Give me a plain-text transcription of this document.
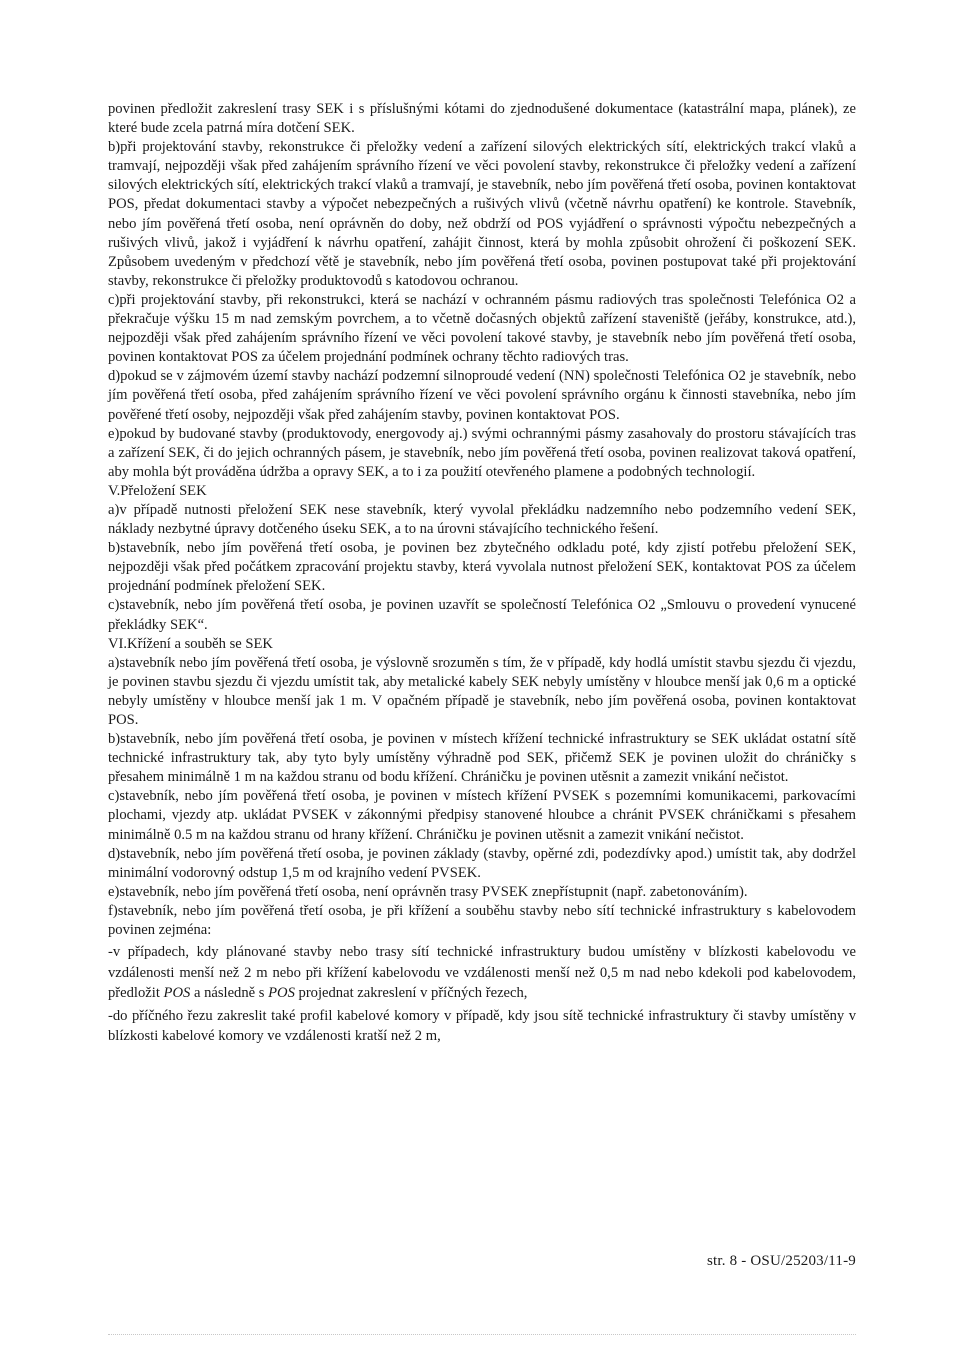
povinen předložit zakreslení trasy SEK i s příslušnými kótami do zjednodušené dokumentace (katastrální mapa, plánek), ze které bude zcela patrná míra dotčení SEK.

b)při projektování stavby, rekonstrukce či přeložky vedení a zařízení silových elektrických sítí, elektrických trakcí vlaků a tramvají, nejpozději však před zahájením správního řízení ve věci povolení stavby, rekonstrukce či přeložky vedení a zařízení silových elektrických sítí, elektrických trakcí vlaků a tramvají, je stavebník, nebo jím pověřená třetí osoba, povinen kontaktovat POS, předat dokumentaci stavby a výpočet nebezpečných a rušivých vlivů (včetně návrhu opatření) ke kontrole. Stavebník, nebo jím pověřená třetí osoba, není oprávněn do doby, než obdrží od POS vyjádření o správnosti výpočtu nebezpečných a rušivých vlivů, jakož i vyjádření k návrhu opatření, zahájit činnost, která by mohla způsobit ohrožení či poškození SEK. Způsobem uvedeným v předchozí větě je stavebník, nebo jím pověřená třetí osoba, povinen postupovat také při projektování stavby, rekonstrukce či přeložky produktovodů s katodovou ochranou.

c)při projektování stavby, při rekonstrukci, která se nachází v ochranném pásmu radiových tras společnosti Telefónica O2 a překračuje výšku 15 m nad zemským povrchem, a to včetně dočasných objektů zařízení staveniště (jeřáby, konstrukce, atd.), nejpozději však před zahájením správního řízení ve věci povolení takové stavby, je stavebník nebo jím pověřená třetí osoba, povinen kontaktovat POS za účelem projednání podmínek ochrany těchto radiových tras.

d)pokud se v zájmovém území stavby nachází podzemní silnoproudé vedení (NN) společnosti Telefónica O2 je stavebník, nebo jím pověřená třetí osoba, před zahájením správního řízení ve věci povolení správního orgánu k činnosti stavebníka, nebo jím pověřené třetí osoby, nejpozději však před zahájením stavby, povinen kontaktovat POS.

e)pokud by budované stavby (produktovody, energovody aj.) svými ochrannými pásmy zasahovaly do prostoru stávajících tras a zařízení SEK, či do jejich ochranných pásem, je stavebník, nebo jím pověřená třetí osoba, povinen realizovat taková opatření, aby mohla být prováděna údržba a opravy SEK, a to i za použití otevřeného plamene a podobných technologií.

V.Přeložení SEK

a)v případě nutnosti přeložení SEK nese stavebník, který vyvolal překládku nadzemního nebo podzemního vedení SEK, náklady nezbytné úpravy dotčeného úseku SEK, a to na úrovni stávajícího technického řešení.

b)stavebník, nebo jím pověřená třetí osoba, je povinen bez zbytečného odkladu poté, kdy zjistí potřebu přeložení SEK, nejpozději však před počátkem zpracování projektu stavby, která vyvolala nutnost přeložení SEK, kontaktovat POS za účelem projednání podmínek přeložení SEK.

c)stavebník, nebo jím pověřená třetí osoba, je povinen uzavřít se společností Telefónica O2 „Smlouvu o provedení vynucené překládky SEK“.

VI.Křížení a souběh se SEK

a)stavebník nebo jím pověřená třetí osoba, je výslovně srozuměn s tím, že v případě, kdy hodlá umístit stavbu sjezdu či vjezdu, je povinen stavbu sjezdu či vjezdu umístit tak, aby metalické kabely SEK nebyly umístěny v hloubce menší jak 0,6 m a optické nebyly umístěny v hloubce menší jak 1 m. V opačném případě je stavebník, nebo jím pověřená osoba, povinen kontaktovat POS.

b)stavebník, nebo jím pověřená třetí osoba, je povinen v místech křížení technické infrastruktury se SEK ukládat ostatní sítě technické infrastruktury tak, aby tyto byly umístěny výhradně pod SEK, přičemž SEK je povinen uložit do chráničky s přesahem minimálně 1 m na každou stranu od bodu křížení. Chráničku je povinen utěsnit a zamezit vnikání nečistot.

c)stavebník, nebo jím pověřená třetí osoba, je povinen v místech křížení PVSEK s pozemními komunikacemi, parkovacími plochami, vjezdy atp. ukládat PVSEK v zákonnými předpisy stanovené hloubce a chránit PVSEK chráničkami s přesahem minimálně 0.5 m na každou stranu od hrany křížení. Chráničku je povinen utěsnit a zamezit vnikání nečistot.

d)stavebník, nebo jím pověřená třetí osoba, je povinen základy (stavby, opěrné zdi, podezdívky apod.) umístit tak, aby dodržel minimální vodorovný odstup 1,5 m od krajního vedení PVSEK.

e)stavebník, nebo jím pověřená třetí osoba, není oprávněn trasy PVSEK znepřístupnit (např. zabetonováním).

f)stavebník, nebo jím pověřená třetí osoba, je při křížení a souběhu stavby nebo sítí technické infrastruktury s kabelovodem povinen zejména:

-v případech, kdy plánované stavby nebo trasy sítí technické infrastruktury budou umístěny v blízkosti kabelovodu ve vzdálenosti menší než 2 m nebo při křížení kabelovodu ve vzdálenosti menší než 0,5 m nad nebo kdekoli pod kabelovodem, předložit POS a následně s POS projednat zakreslení v příčných řezech,

-do příčného řezu zakreslit také profil kabelové komory v případě, kdy jsou sítě technické infrastruktury či stavby umístěny v blízkosti kabelové komory ve vzdálenosti kratší než 2 m,

str. 8 - OSU/25203/11-9
